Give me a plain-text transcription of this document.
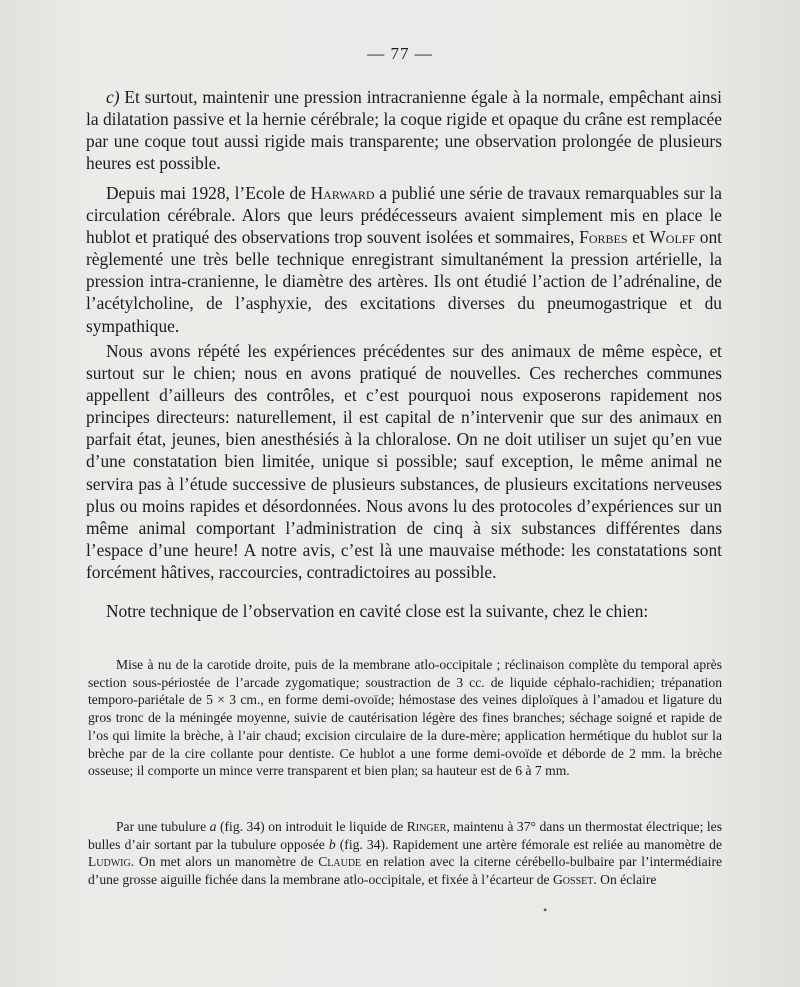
— 77 —

c) Et surtout, maintenir une pression intracranienne égale à la normale, empêchant ainsi la dilatation passive et la hernie cérébrale; la coque rigide et opaque du crâne est remplacée par une coque tout aussi rigide mais transparente; une observation prolongée de plusieurs heures est possible.

Depuis mai 1928, l’Ecole de Harward a publié une série de travaux remarquables sur la circulation cérébrale. Alors que leurs prédécesseurs avaient simplement mis en place le hublot et pratiqué des observations trop souvent isolées et sommaires, Forbes et Wolff ont règlementé une très belle technique enregistrant simultanément la pression artérielle, la pression intra-cranienne, le diamètre des artères. Ils ont étudié l’action de l’adrénaline, de l’acétylcholine, de l’asphyxie, des excitations diverses du pneumogastrique et du sympathique.

Nous avons répété les expériences précédentes sur des animaux de même espèce, et surtout sur le chien; nous en avons pratiqué de nouvelles. Ces recherches communes appellent d’ailleurs des contrôles, et c’est pourquoi nous exposerons rapidement nos principes directeurs: naturellement, il est capital de n’intervenir que sur des animaux en parfait état, jeunes, bien anesthésiés à la chloralose. On ne doit utiliser un sujet qu’en vue d’une constatation bien limitée, unique si possible; sauf exception, le même animal ne servira pas à l’étude successive de plusieurs substances, de plusieurs excitations nerveuses plus ou moins rapides et désordonnées. Nous avons lu des protocoles d’expériences sur un même animal comportant l’administration de cinq à six substances différentes dans l’espace d’une heure! A notre avis, c’est là une mauvaise méthode: les constatations sont forcément hâtives, raccourcies, contradictoires au possible.

Notre technique de l’observation en cavité close est la suivante, chez le chien:

Mise à nu de la carotide droite, puis de la membrane atlo-occipitale ; réclinaison complète du temporal après section sous-périostée de l’arcade zygomatique; soustraction de 3 cc. de liquide céphalo-rachidien; trépanation temporo-pariétale de 5 × 3 cm., en forme demi-ovoïde; hémostase des veines diploïques à l’amadou et ligature du gros tronc de la méningée moyenne, suivie de cautérisation légère des fines branches; séchage soigné et rapide de l’os qui limite la brèche, à l’air chaud; excision circulaire de la dure-mère; application hermétique du hublot sur la brèche par de la cire collante pour dentiste. Ce hublot a une forme demi-ovoïde et déborde de 2 mm. la brèche osseuse; il comporte un mince verre transparent et bien plan; sa hauteur est de 6 à 7 mm.

Par une tubulure a (fig. 34) on introduit le liquide de Ringer, maintenu à 37° dans un thermostat électrique; les bulles d’air sortant par la tubulure opposée b (fig. 34). Rapidement une artère fémorale est reliée au manomètre de Ludwig. On met alors un manomètre de Claude en relation avec la citerne cérébello-bulbaire par l’intermédiaire d’une grosse aiguille fichée dans la membrane atlo-occipitale, et fixée à l’écarteur de Gosset. On éclaire

•
